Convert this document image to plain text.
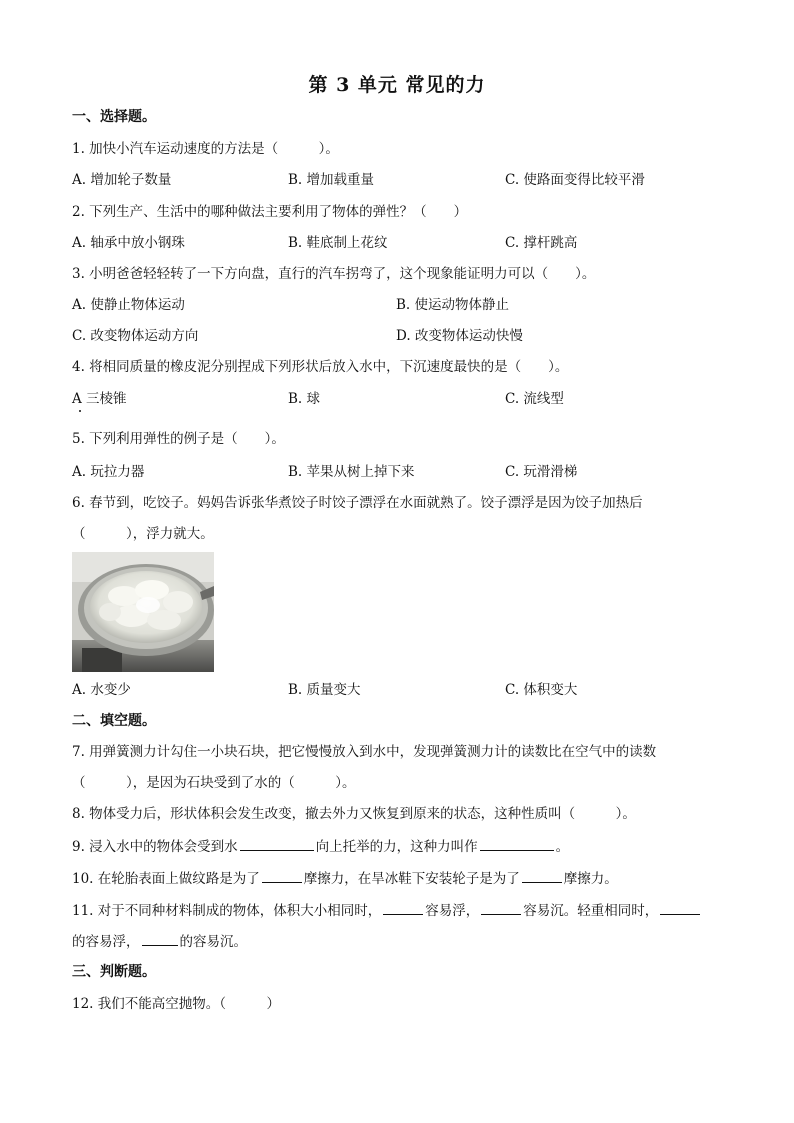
第 3 单元 常见的力
一、选择题。
1. 加快小汽车运动速度的方法是（　　　）。
A. 增加轮子数量	B. 增加载重量	C. 使路面变得比较平滑
2. 下列生产、生活中的哪种做法主要利用了物体的弹性？（　　）
A. 轴承中放小钢珠	B. 鞋底制上花纹	C. 撑杆跳高
3. 小明爸爸轻轻转了一下方向盘，直行的汽车拐弯了，这个现象能证明力可以（　　）。
A. 使静止物体运动	B. 使运动物体静止
C. 改变物体运动方向	D. 改变物体运动快慢
4. 将相同质量的橡皮泥分别捏成下列形状后放入水中，下沉速度最快的是（　　）。
A 三棱锥	B. 球	C. 流线型
5. 下列利用弹性的例子是（　　）。
A. 玩拉力器	B. 苹果从树上掉下来	C. 玩滑滑梯
6. 春节到，吃饺子。妈妈告诉张华煮饺子时饺子漂浮在水面就熟了。饺子漂浮是因为饺子加热后
（　　　），浮力就大。
A. 水变少	B. 质量变大	C. 体积变大
二、填空题。
7. 用弹簧测力计勾住一小块石块，把它慢慢放入到水中，发现弹簧测力计的读数比在空气中的读数
（　　　），是因为石块受到了水的（　　　）。
8. 物体受力后，形状体积会发生改变，撤去外力又恢复到原来的状态，这种性质叫（　　　）。
9. 浸入水中的物体会受到水	向上托举的力，这种力叫作	。
10. 在轮胎表面上做纹路是为了	摩擦力，在旱冰鞋下安装轮子是为了	摩擦力。
11. 对于不同种材料制成的物体，体积大小相同时，	容易浮，	容易沉。轻重相同时，
的容易浮，	的容易沉。
三、判断题。
12. 我们不能高空抛物。（　　　）
